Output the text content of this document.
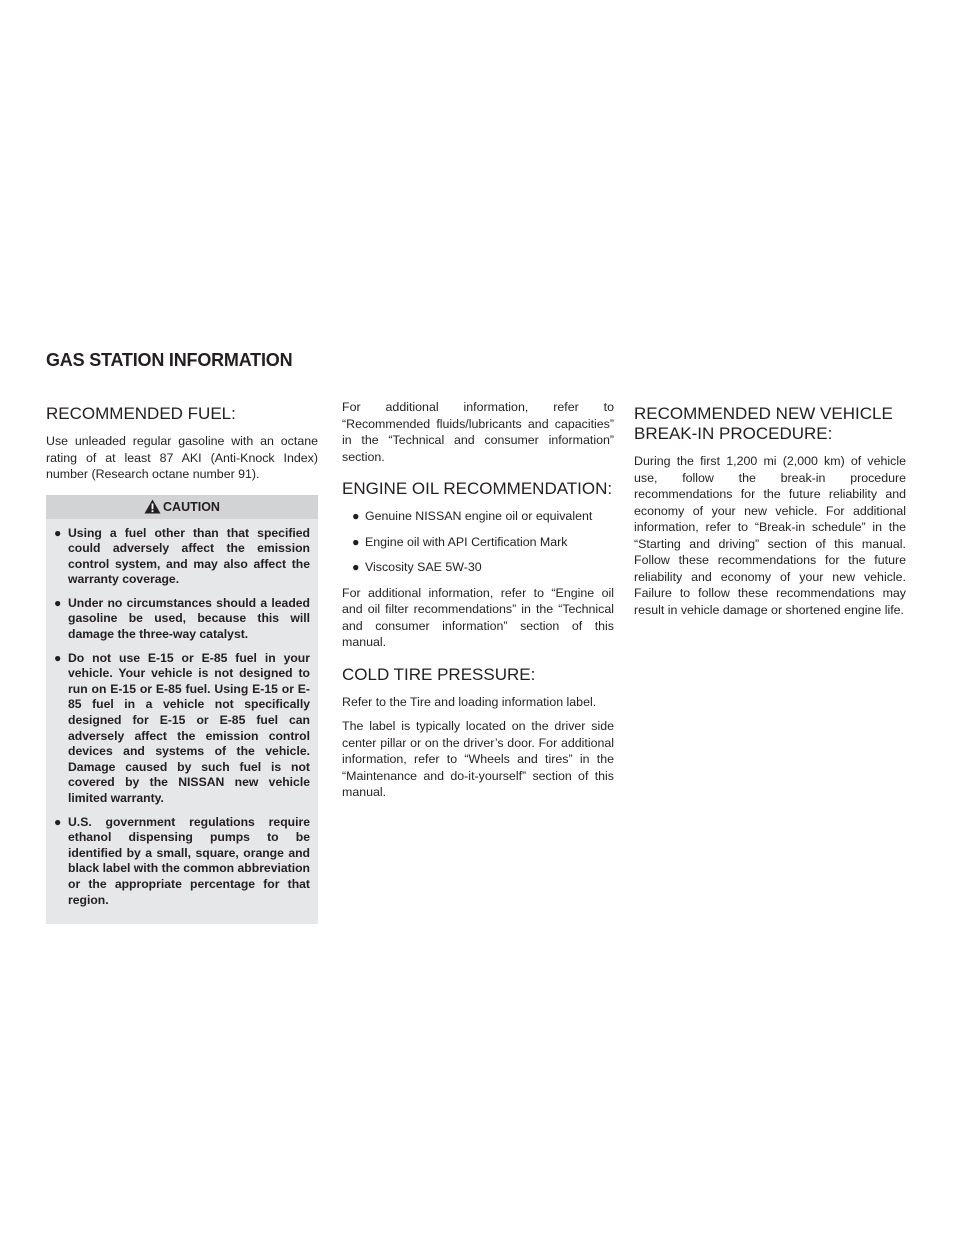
GAS STATION INFORMATION
RECOMMENDED FUEL:

Use unleaded regular gasoline with an octane rating of at least 87 AKI (Anti-Knock Index) number (Research octane number 91).

CAUTION
● Using a fuel other than that specified could adversely affect the emission control system, and may also affect the warranty coverage.
● Under no circumstances should a leaded gasoline be used, because this will damage the three-way catalyst.
● Do not use E-15 or E-85 fuel in your vehicle. Your vehicle is not designed to run on E-15 or E-85 fuel. Using E-15 or E-85 fuel in a vehicle not specifically designed for E-15 or E-85 fuel can adversely affect the emission control devices and systems of the vehicle. Damage caused by such fuel is not covered by the NISSAN new vehicle limited warranty.
● U.S. government regulations require ethanol dispensing pumps to be identified by a small, square, orange and black label with the common abbreviation or the appropriate percentage for that region.

For additional information, refer to “Recommended fluids/lubricants and capacities” in the “Technical and consumer information” section.

ENGINE OIL RECOMMENDATION:
● Genuine NISSAN engine oil or equivalent
● Engine oil with API Certification Mark
● Viscosity SAE 5W-30

For additional information, refer to “Engine oil and oil filter recommendations” in the “Technical and consumer information” section of this manual.

COLD TIRE PRESSURE:

Refer to the Tire and loading information label.

The label is typically located on the driver side center pillar or on the driver’s door. For additional information, refer to “Wheels and tires” in the “Maintenance and do-it-yourself” section of this manual.

RECOMMENDED NEW VEHICLE BREAK-IN PROCEDURE:

During the first 1,200 mi (2,000 km) of vehicle use, follow the break-in procedure recommendations for the future reliability and economy of your new vehicle. For additional information, refer to “Break-in schedule” in the “Starting and driving” section of this manual. Follow these recommendations for the future reliability and economy of your new vehicle. Failure to follow these recommendations may result in vehicle damage or shortened engine life.
